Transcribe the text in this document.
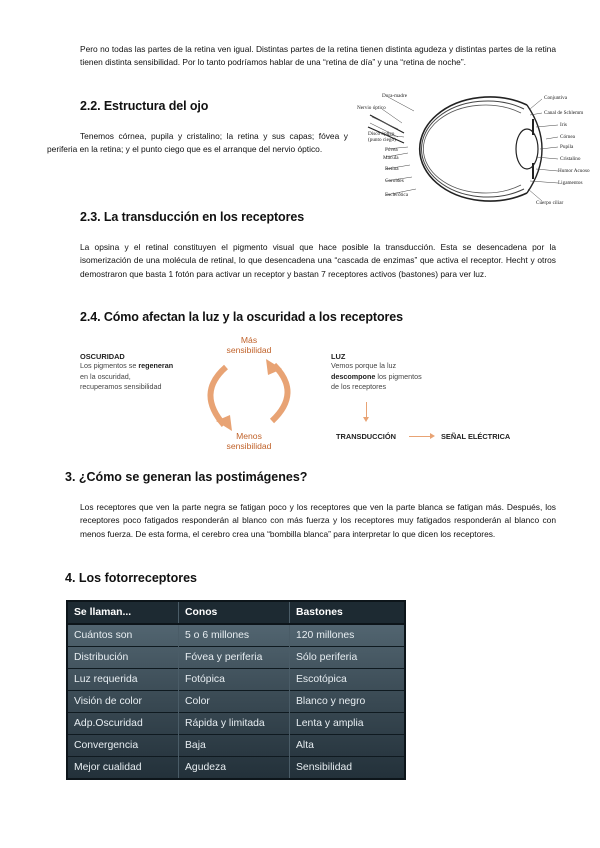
Pero no todas las partes de la retina ven igual. Distintas partes de la retina tienen distinta agudeza y distintas partes de la retina tienen distinta sensibilidad. Por lo tanto podríamos hablar de una “retina de día” y una “retina de noche”.

2.2. Estructura del ojo

Tenemos córnea, pupila y cristalino; la retina y sus capas; fóvea y periferia en la retina; y el punto ciego que es el arranque del nervio óptico.

Dura-madre
Nervio óptico
Disco óptico (punto ciego)
Fóvea
Mácula
Retina
Coroides
Esclerótica
Conjuntiva
Canal de Schlemm
Iris
Córnea
Pupila
Cristalino
Humor Acuoso
Ligamentos
Cuerpo ciliar
2.3. La transducción en los receptores

La opsina y el retinal constituyen el pigmento visual que hace posible la transducción. Esta se desencadena por la isomerización de una molécula de retinal, lo que desencadena una “cascada de enzimas” que activa el receptor. Hecht y otros demostraron que basta 1 fotón para activar un receptor y bastan 7 receptores activos (bastones) para ver luz.

2.4. Cómo afectan la luz y la oscuridad a los receptores
OSCURIDAD
Los pigmentos se regeneran
en la oscuridad,
recuperamos sensibilidad
Más
sensibilidad
Menos
sensibilidad
LUZ
Vemos porque la luz
descompone los pigmentos
de los receptores
TRANSDUCCIÓN	SEÑAL ELÉCTRICA
3. ¿Cómo se generan las postimágenes?

Los receptores que ven la parte negra se fatigan poco y los receptores que ven la parte blanca se fatigan más. Después, los receptores poco fatigados responderán al blanco con más fuerza y los receptores muy fatigados responderán al blanco con menos fuerza. De esta forma, el cerebro crea una “bombilla blanca” para interpretar lo que dicen los receptores.

4. Los fotorreceptores
Se llaman...	Conos	Bastones
Cuántos son	5 o 6 millones	120 millones
Distribución	Fóvea y periferia	Sólo periferia
Luz requerida	Fotópica	Escotópica
Visión de color	Color	Blanco y negro
Adp.Oscuridad	Rápida y limitada	Lenta y amplia
Convergencia	Baja	Alta
Mejor cualidad	Agudeza	Sensibilidad
